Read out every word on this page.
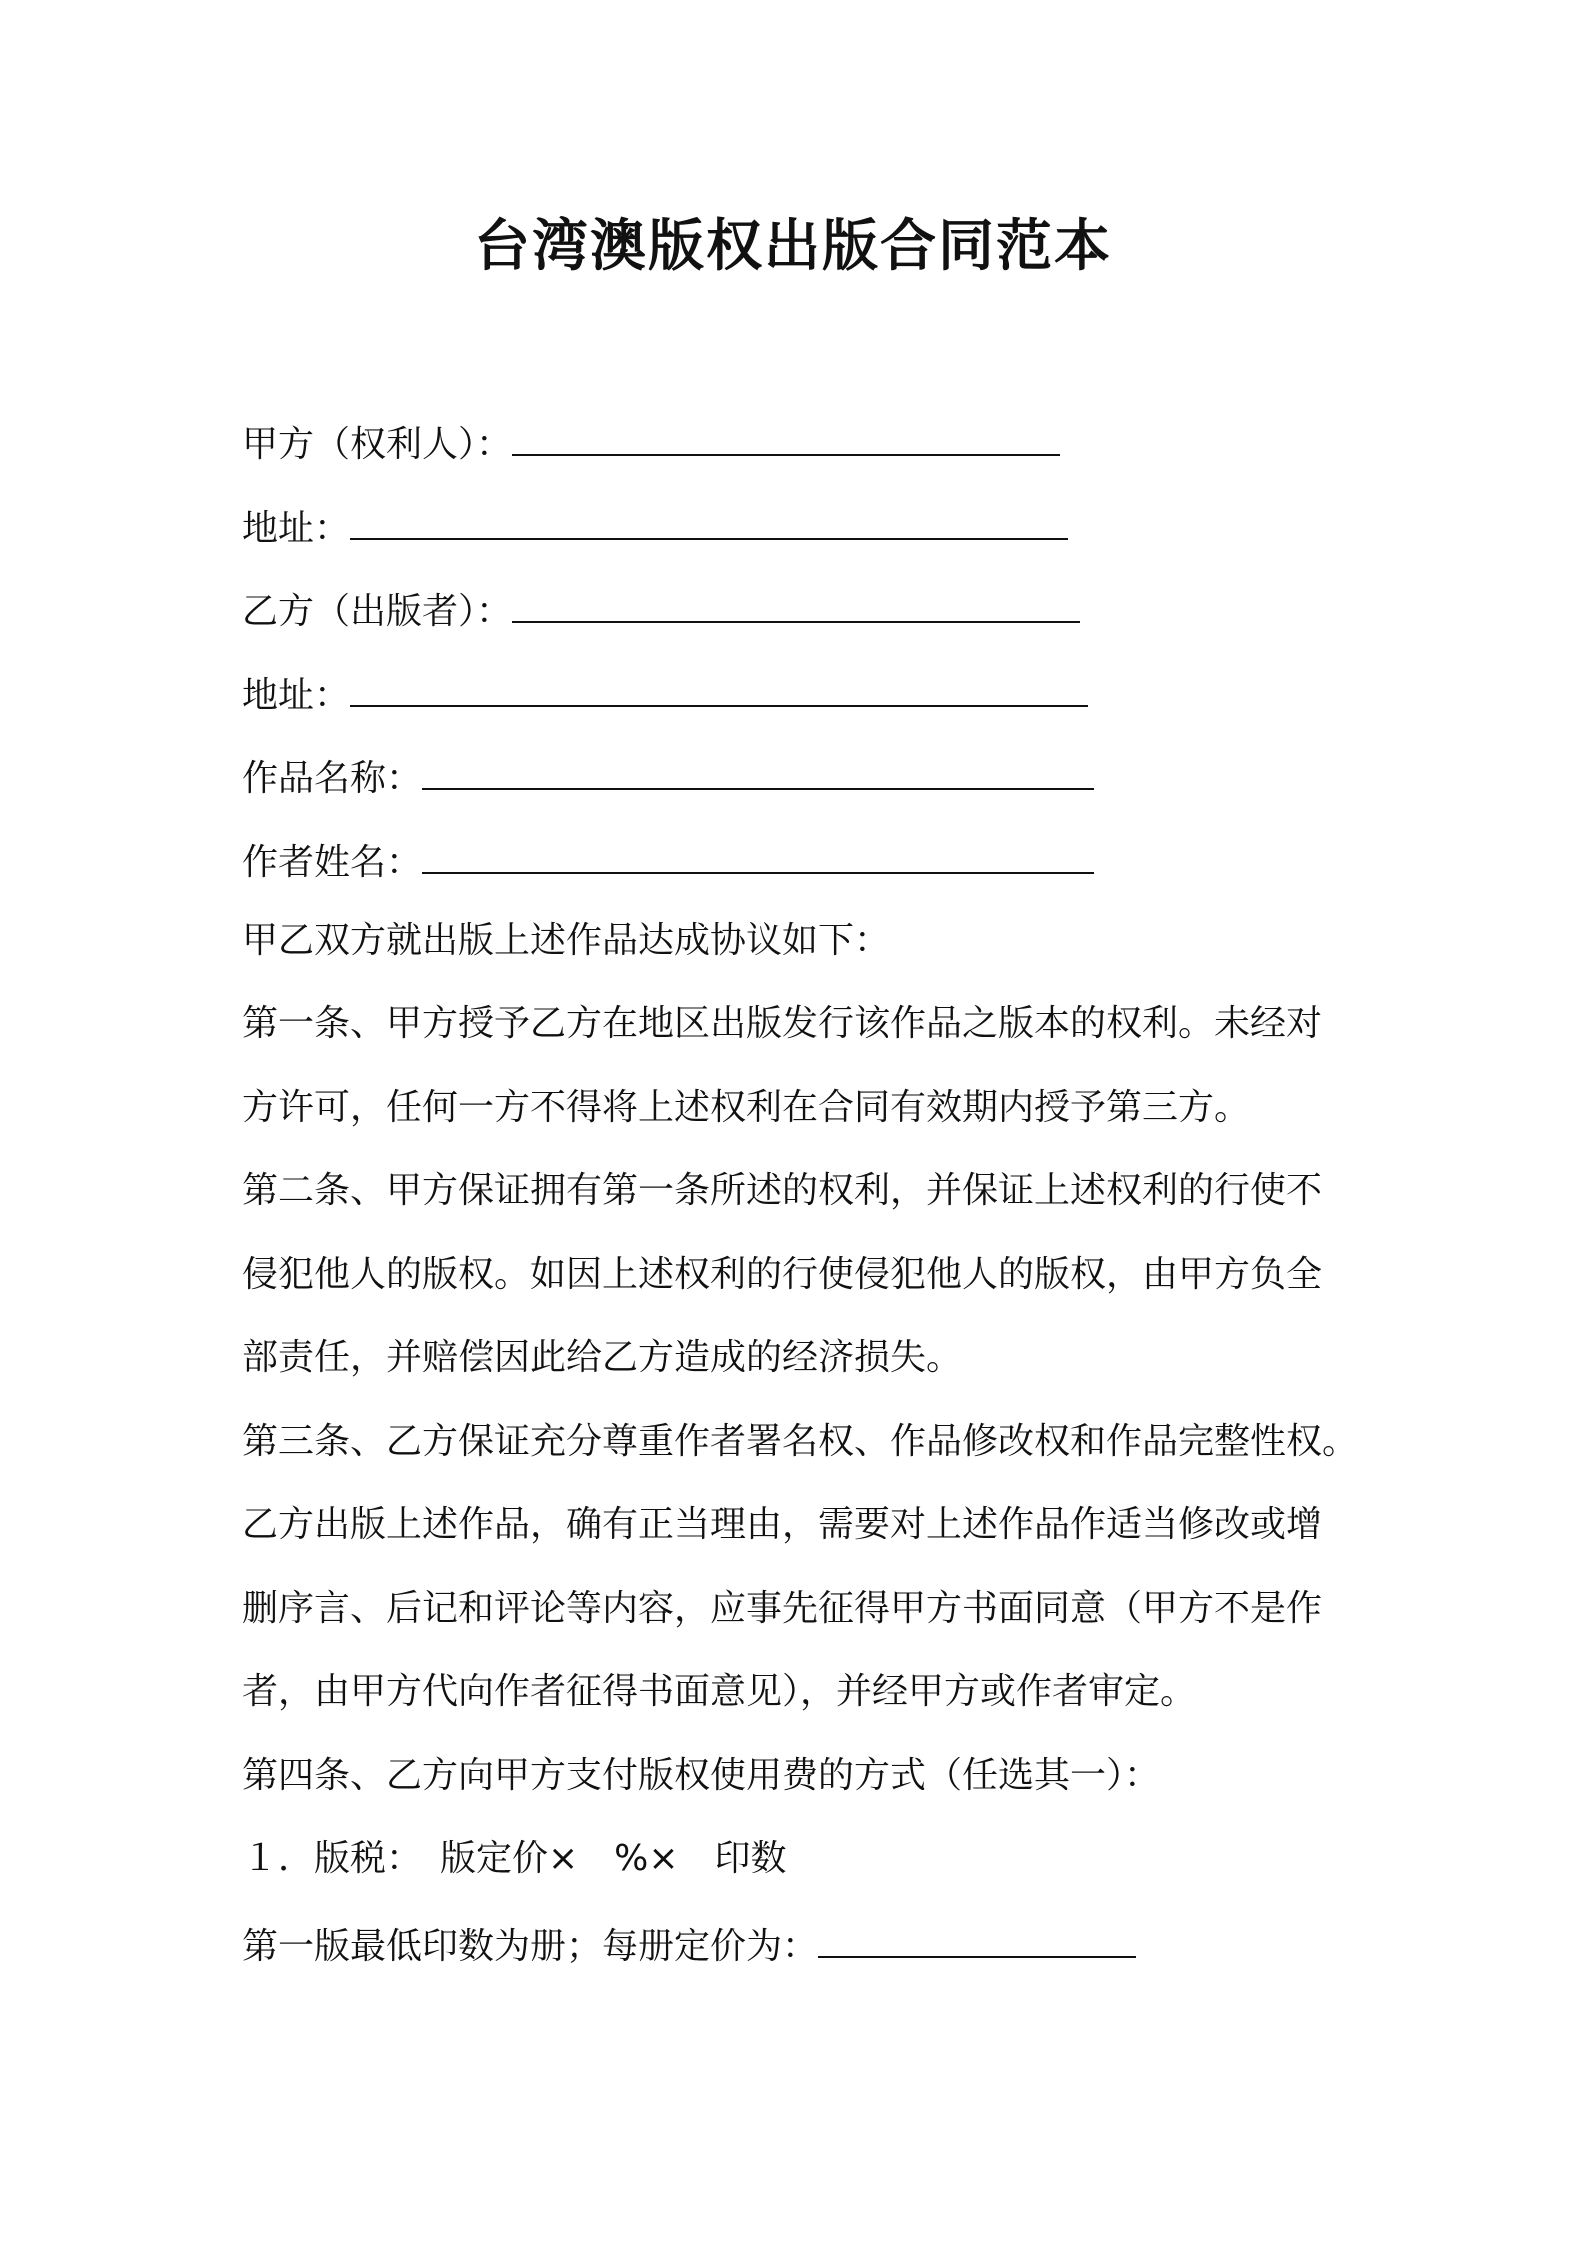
台湾澳版权出版合同范本
甲方（权利人）：
地址：
乙方（出版者）：
地址：
作品名称：
作者姓名：
甲乙双方就出版上述作品达成协议如下：
第一条、甲方授予乙方在地区出版发行该作品之版本的权利。未经对
方许可，任何一方不得将上述权利在合同有效期内授予第三方。
第二条、甲方保证拥有第一条所述的权利，并保证上述权利的行使不
侵犯他人的版权。如因上述权利的行使侵犯他人的版权，由甲方负全
部责任，并赔偿因此给乙方造成的经济损失。
第三条、乙方保证充分尊重作者署名权、作品修改权和作品完整性权。
乙方出版上述作品，确有正当理由，需要对上述作品作适当修改或增
删序言、后记和评论等内容，应事先征得甲方书面同意（甲方不是作
者，由甲方代向作者征得书面意见），并经甲方或作者审定。
第四条、乙方向甲方支付版权使用费的方式（任选其一）：
１．版税：　版定价×　%×　印数
第一版最低印数为册；每册定价为：
